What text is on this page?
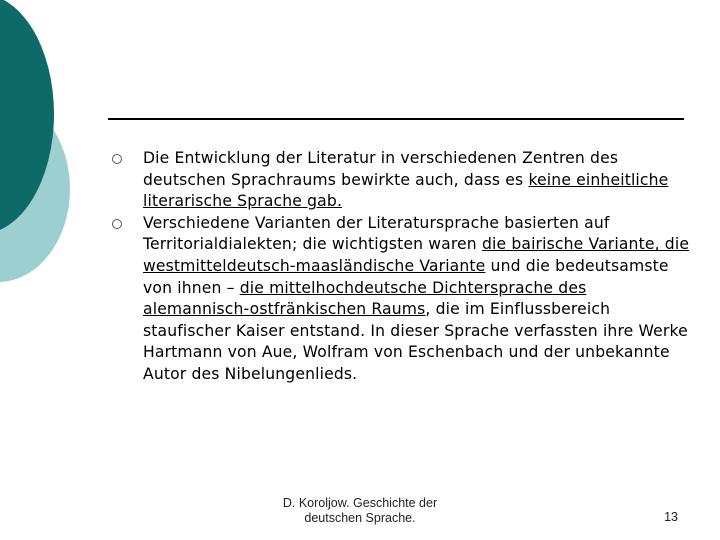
Die Entwicklung der Literatur in verschiedenen Zentren des deutschen Sprachraums bewirkte auch, dass es keine einheitliche literarische Sprache gab.
Verschiedene Varianten der Literatursprache basierten auf Territorialdialekten; die wichtigsten waren die bairische Variante, die westmitteldeutsch-maasländische Variante und die bedeutsamste von ihnen – die mittelhochdeutsche Dichtersprache des alemannisch-ostfränkischen Raums, die im Einflussbereich staufischer Kaiser entstand. In dieser Sprache verfassten ihre Werke Hartmann von Aue, Wolfram von Eschenbach und der unbekannte Autor des Nibelungenlieds.
D. Koroljow. Geschichte der
deutschen Sprache.	13
